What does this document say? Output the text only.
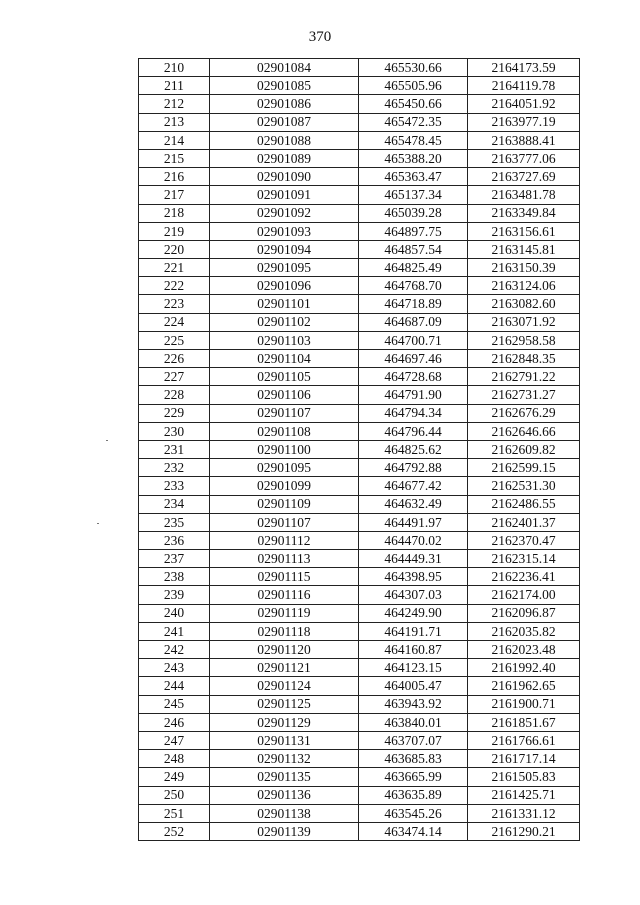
370
210	02901084	465530.66	2164173.59
211	02901085	465505.96	2164119.78
212	02901086	465450.66	2164051.92
213	02901087	465472.35	2163977.19
214	02901088	465478.45	2163888.41
215	02901089	465388.20	2163777.06
216	02901090	465363.47	2163727.69
217	02901091	465137.34	2163481.78
218	02901092	465039.28	2163349.84
219	02901093	464897.75	2163156.61
220	02901094	464857.54	2163145.81
221	02901095	464825.49	2163150.39
222	02901096	464768.70	2163124.06
223	02901101	464718.89	2163082.60
224	02901102	464687.09	2163071.92
225	02901103	464700.71	2162958.58
226	02901104	464697.46	2162848.35
227	02901105	464728.68	2162791.22
228	02901106	464791.90	2162731.27
229	02901107	464794.34	2162676.29
230	02901108	464796.44	2162646.66
231	02901100	464825.62	2162609.82
232	02901095	464792.88	2162599.15
233	02901099	464677.42	2162531.30
234	02901109	464632.49	2162486.55
235	02901107	464491.97	2162401.37
236	02901112	464470.02	2162370.47
237	02901113	464449.31	2162315.14
238	02901115	464398.95	2162236.41
239	02901116	464307.03	2162174.00
240	02901119	464249.90	2162096.87
241	02901118	464191.71	2162035.82
242	02901120	464160.87	2162023.48
243	02901121	464123.15	2161992.40
244	02901124	464005.47	2161962.65
245	02901125	463943.92	2161900.71
246	02901129	463840.01	2161851.67
247	02901131	463707.07	2161766.61
248	02901132	463685.83	2161717.14
249	02901135	463665.99	2161505.83
250	02901136	463635.89	2161425.71
251	02901138	463545.26	2161331.12
252	02901139	463474.14	2161290.21
